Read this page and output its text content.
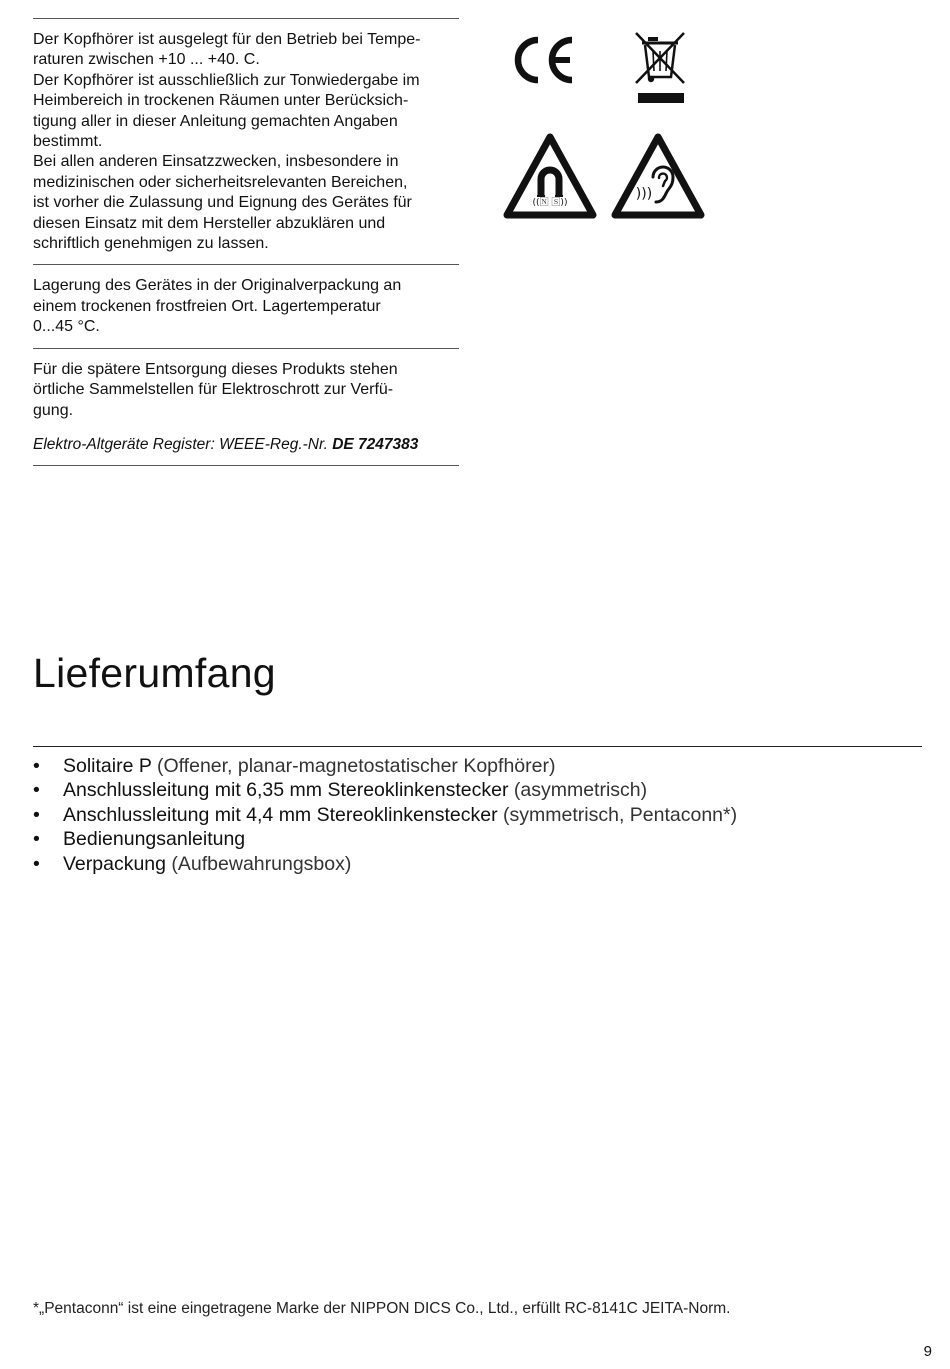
Der Kopfhörer ist ausgelegt für den Betrieb bei Tempe-

raturen zwischen +10 ... +40. C.

Der Kopfhörer ist ausschließlich zur Tonwiedergabe im

Heimbereich in trockenen Räumen unter Berücksich-

tigung aller in dieser Anleitung gemachten Angaben

bestimmt.

Bei allen anderen Einsatzzwecken, insbesondere in

medizinischen oder sicherheitsrelevanten Bereichen,

ist vorher die Zulassung und Eignung des Gerätes für

diesen Einsatz mit dem Hersteller abzuklären und

schriftlich genehmigen zu lassen.

Lagerung des Gerätes in der Originalverpackung an

einem trockenen frostfreien Ort. Lagertemperatur

0...45 °C.

Für die spätere Entsorgung dieses Produkts stehen

örtliche Sammelstellen für Elektroschrott zur Verfü-

gung.

Elektro-Altgeräte Register: WEEE-Reg.-Nr. DE 7247383

((🄽 🅂))
)))
Lieferumfang
• Solitaire P (Offener, planar-magnetostatischer Kopfhörer)
• Anschlussleitung mit 6,35 mm Stereoklinkenstecker (asymmetrisch)
• Anschlussleitung mit 4,4 mm Stereoklinkenstecker (symmetrisch, Pentaconn*)
• Bedienungsanleitung
• Verpackung (Aufbewahrungsbox)

*„Pentaconn“ ist eine eingetragene Marke der NIPPON DICS Co., Ltd., erfüllt RC-8141C JEITA-Norm.

9
